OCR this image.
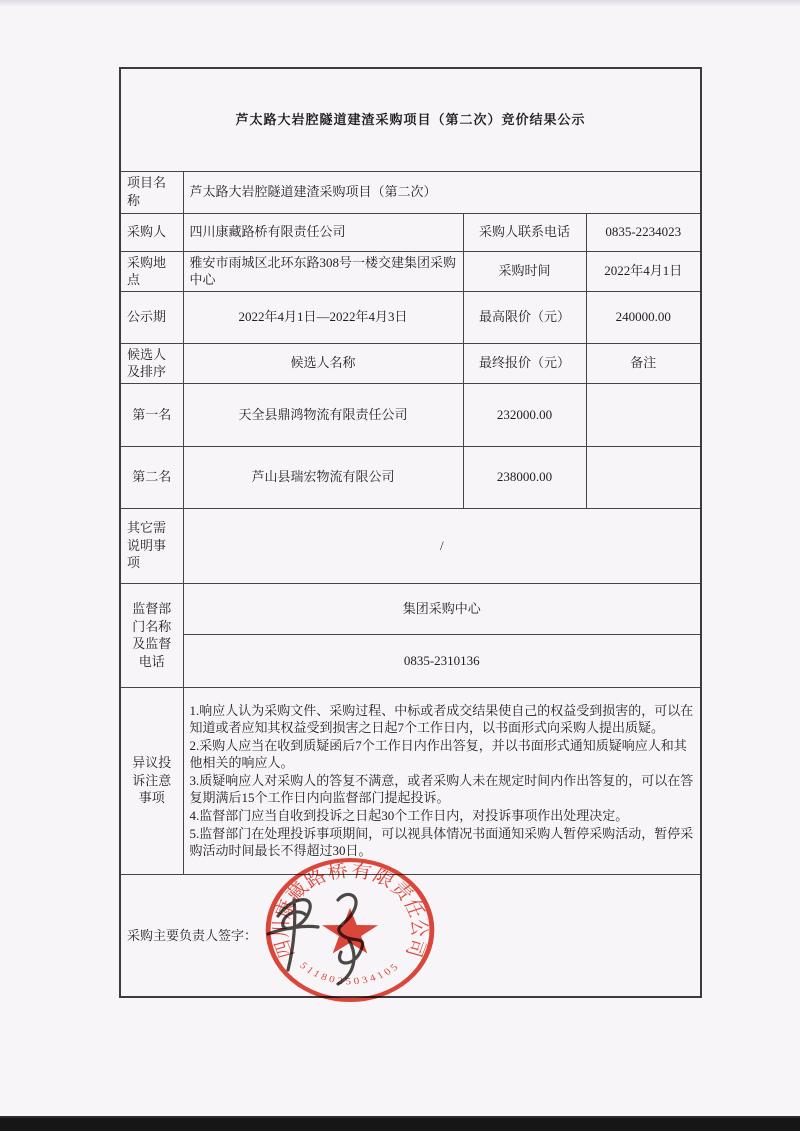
芦太路大岩腔隧道建渣采购项目（第二次）竞价结果公示			
项目名称	芦太路大岩腔隧道建渣采购项目（第二次）		
采购人	四川康藏路桥有限责任公司	采购人联系电话	0835-2234023
采购地点	雅安市雨城区北环东路308号一楼交建集团采购中心	采购时间	2022年4月1日
公示期	2022年4月1日—2022年4月3日	最高限价（元）	240000.00
候选人及排序	候选人名称	最终报价（元）	备注
第一名	天全县鼎鸿物流有限责任公司	232000.00	
第二名	芦山县瑞宏物流有限公司	238000.00	
其它需说明事项	/		
监督部门名称及监督电话	集团采购中心		
	0835-2310136		
异议投诉注意事项	1.响应人认为采购文件、采购过程、中标或者成交结果使自己的权益受到损害的，可以在知道或者应知其权益受到损害之日起7个工作日内，以书面形式向采购人提出质疑。
2.采购人应当在收到质疑函后7个工作日内作出答复，并以书面形式通知质疑响应人和其他相关的响应人。
3.质疑响应人对采购人的答复不满意，或者采购人未在规定时间内作出答复的，可以在答复期满后15个工作日内向监督部门提起投诉。
4.监督部门应当自收到投诉之日起30个工作日内，对投诉事项作出处理决定。
5.监督部门在处理投诉事项期间，可以视具体情况书面通知采购人暂停采购活动，暂停采购活动时间最长不得超过30日。		

采购主要负责人签字：			
四川康藏路桥有限责任公司
5118025034105
